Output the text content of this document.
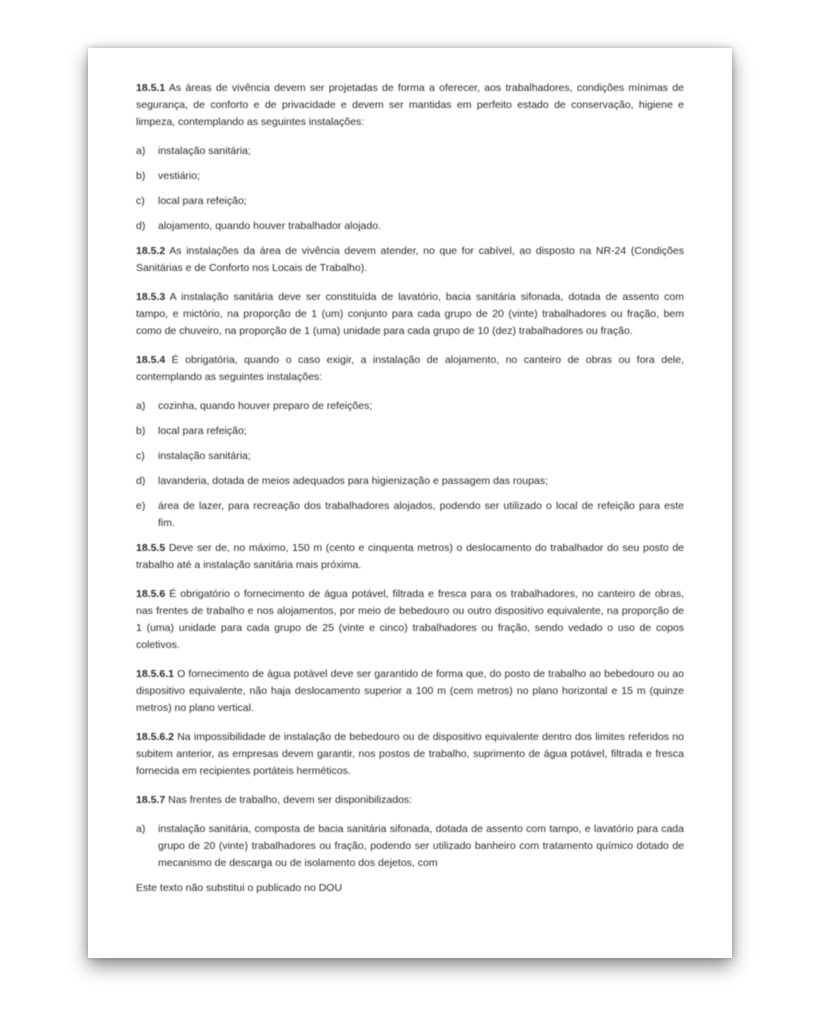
18.5.1 As áreas de vivência devem ser projetadas de forma a oferecer, aos trabalhadores, condições mínimas de segurança, de conforto e de privacidade e devem ser mantidas em perfeito estado de conservação, higiene e limpeza, contemplando as seguintes instalações:

a) instalação sanitária;
b) vestiário;
c) local para refeição;
d) alojamento, quando houver trabalhador alojado.

18.5.2 As instalações da área de vivência devem atender, no que for cabível, ao disposto na NR-24 (Condições Sanitárias e de Conforto nos Locais de Trabalho).

18.5.3 A instalação sanitária deve ser constituída de lavatório, bacia sanitária sifonada, dotada de assento com tampo, e mictório, na proporção de 1 (um) conjunto para cada grupo de 20 (vinte) trabalhadores ou fração, bem como de chuveiro, na proporção de 1 (uma) unidade para cada grupo de 10 (dez) trabalhadores ou fração.

18.5.4 É obrigatória, quando o caso exigir, a instalação de alojamento, no canteiro de obras ou fora dele, contemplando as seguintes instalações:

a) cozinha, quando houver preparo de refeições;
b) local para refeição;
c) instalação sanitária;
d) lavanderia, dotada de meios adequados para higienização e passagem das roupas;
e) área de lazer, para recreação dos trabalhadores alojados, podendo ser utilizado o local de refeição para este fim.

18.5.5 Deve ser de, no máximo, 150 m (cento e cinquenta metros) o deslocamento do trabalhador do seu posto de trabalho até a instalação sanitária mais próxima.

18.5.6 É obrigatório o fornecimento de água potável, filtrada e fresca para os trabalhadores, no canteiro de obras, nas frentes de trabalho e nos alojamentos, por meio de bebedouro ou outro dispositivo equivalente, na proporção de 1 (uma) unidade para cada grupo de 25 (vinte e cinco) trabalhadores ou fração, sendo vedado o uso de copos coletivos.

18.5.6.1 O fornecimento de água potável deve ser garantido de forma que, do posto de trabalho ao bebedouro ou ao dispositivo equivalente, não haja deslocamento superior a 100 m (cem metros) no plano horizontal e 15 m (quinze metros) no plano vertical.

18.5.6.2 Na impossibilidade de instalação de bebedouro ou de dispositivo equivalente dentro dos limites referidos no subitem anterior, as empresas devem garantir, nos postos de trabalho, suprimento de água potável, filtrada e fresca fornecida em recipientes portáteis herméticos.

18.5.7 Nas frentes de trabalho, devem ser disponibilizados:

a) instalação sanitária, composta de bacia sanitária sifonada, dotada de assento com tampo, e lavatório para cada grupo de 20 (vinte) trabalhadores ou fração, podendo ser utilizado banheiro com tratamento químico dotado de mecanismo de descarga ou de isolamento dos dejetos, com
Este texto não substitui o publicado no DOU
